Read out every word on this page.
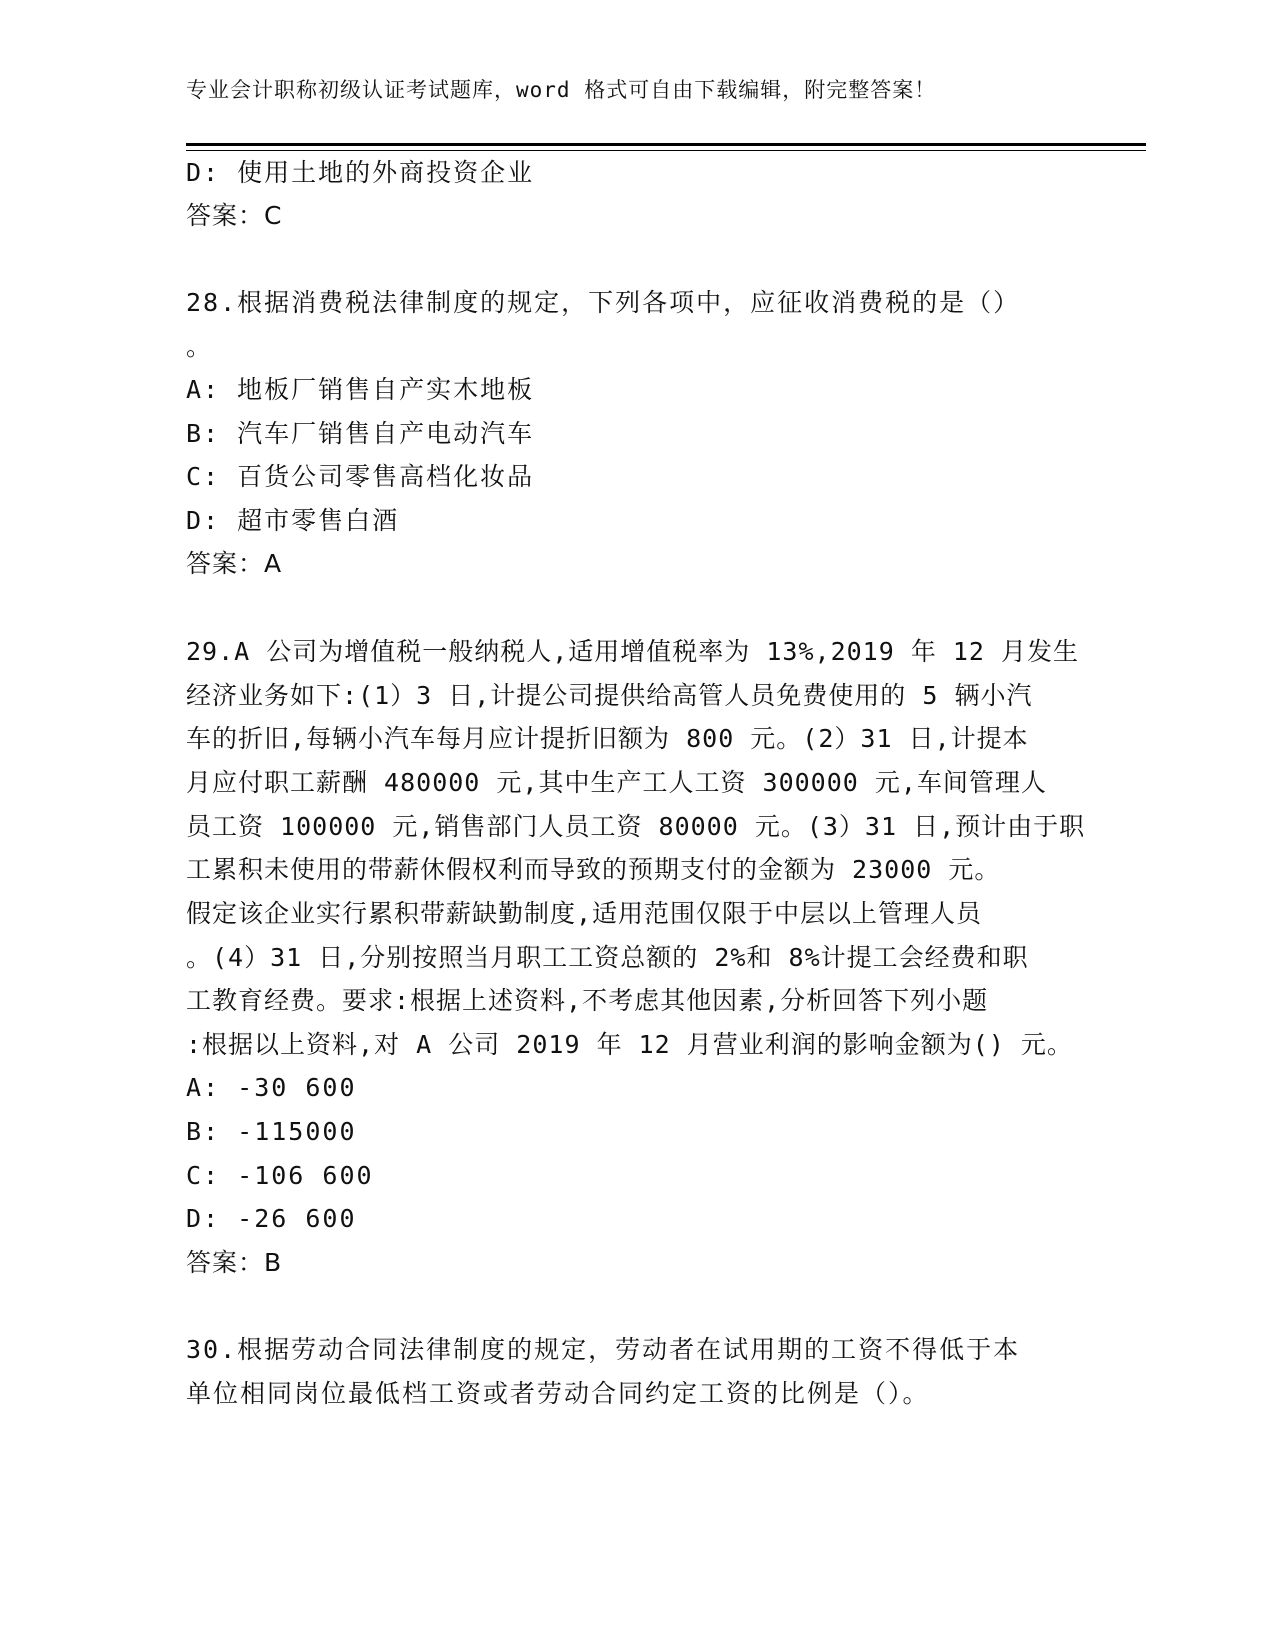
专业会计职称初级认证考试题库，word 格式可自由下载编辑，附完整答案！
D: 使用土地的外商投资企业
答案：C
28.根据消费税法律制度的规定，下列各项中，应征收消费税的是（）
。
A: 地板厂销售自产实木地板
B: 汽车厂销售自产电动汽车
C: 百货公司零售高档化妆品
D: 超市零售白酒
答案：A
29.A 公司为增值税一般纳税人,适用增值税率为 13%,2019 年 12 月发生
经济业务如下:(1）3 日,计提公司提供给高管人员免费使用的 5 辆小汽
车的折旧,每辆小汽车每月应计提折旧额为 800 元。(2）31 日,计提本
月应付职工薪酬 480000 元,其中生产工人工资 300000 元,车间管理人
员工资 100000 元,销售部门人员工资 80000 元。(3）31 日,预计由于职
工累积未使用的带薪休假权利而导致的预期支付的金额为 23000 元。
假定该企业实行累积带薪缺勤制度,适用范围仅限于中层以上管理人员
。(4）31 日,分别按照当月职工工资总额的 2%和 8%计提工会经费和职
工教育经费。要求:根据上述资料,不考虑其他因素,分析回答下列小题
:根据以上资料,对 A 公司 2019 年 12 月营业利润的影响金额为() 元。
A: -30 600
B: -115000
C: -106 600
D: -26 600
答案：B
30.根据劳动合同法律制度的规定，劳动者在试用期的工资不得低于本
单位相同岗位最低档工资或者劳动合同约定工资的比例是（）。
